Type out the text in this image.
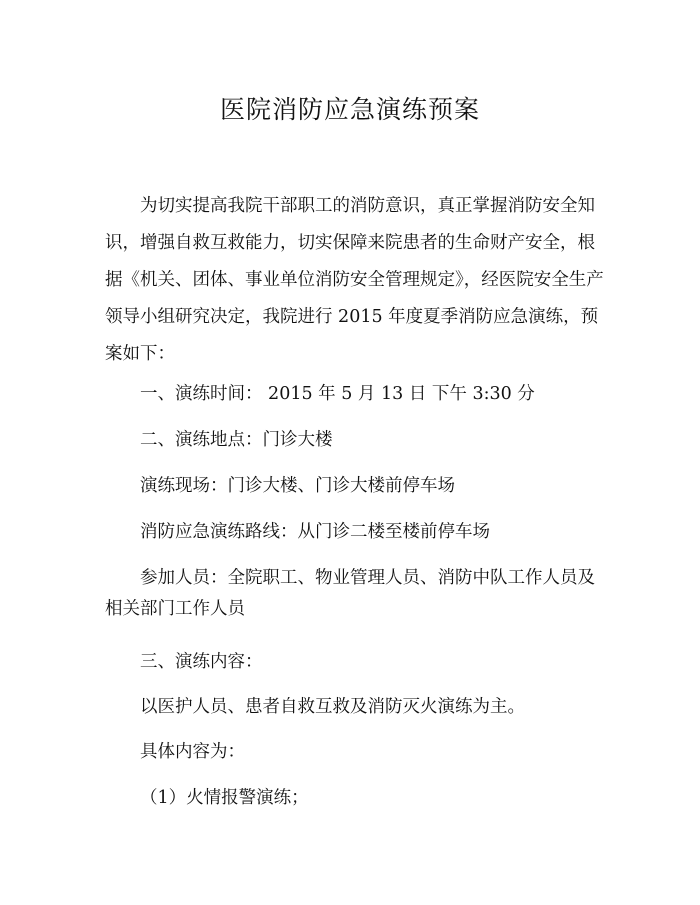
医院消防应急演练预案

为切实提高我院干部职工的消防意识，真正掌握消防安全知识，增强自救互救能力，切实保障来院患者的生命财产安全，根据《机关、团体、事业单位消防安全管理规定》，经医院安全生产领导小组研究决定，我院进行 2015 年度夏季消防应急演练，预案如下：

一、演练时间： 2015 年 5 月 13 日 下午 3:30 分

二、演练地点：门诊大楼

演练现场：门诊大楼、门诊大楼前停车场

消防应急演练路线：从门诊二楼至楼前停车场

参加人员：全院职工、物业管理人员、消防中队工作人员及相关部门工作人员

三、演练内容：

以医护人员、患者自救互救及消防灭火演练为主。

具体内容为：

（1）火情报警演练；
